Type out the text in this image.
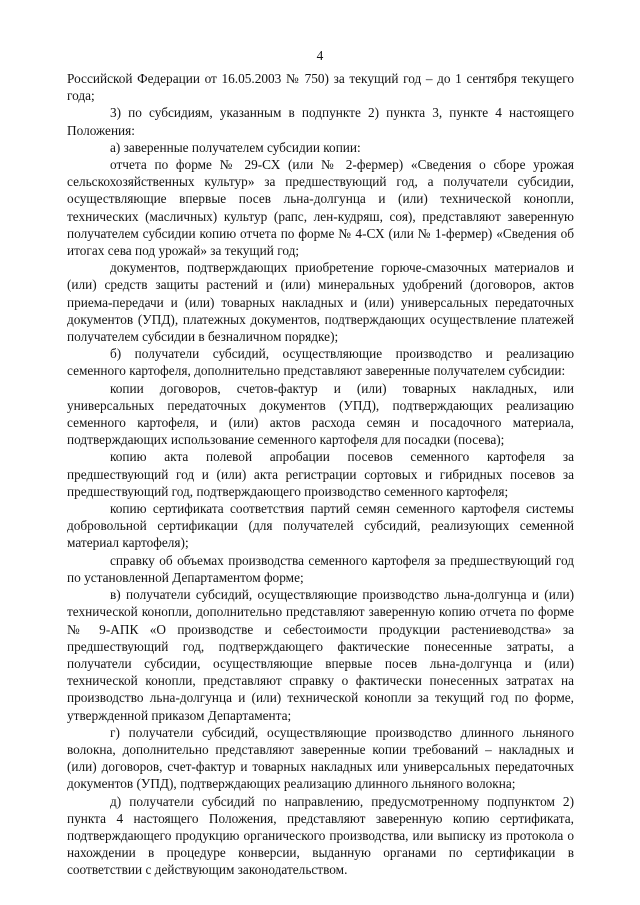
4

Российской Федерации от 16.05.2003 № 750) за текущий год – до 1 сентября текущего года;

3) по субсидиям, указанным в подпункте 2) пункта 3, пункте 4 настоящего Положения:

а) заверенные получателем субсидии копии:

отчета по форме № 29-СХ (или № 2-фермер) «Сведения о сборе урожая сельскохозяйственных культур» за предшествующий год, а получатели субсидии, осуществляющие впервые посев льна-долгунца и (или) технической конопли, технических (масличных) культур (рапс, лен-кудряш, соя), представляют заверенную получателем субсидии копию отчета по форме № 4-СХ (или № 1-фермер) «Сведения об итогах сева под урожай» за текущий год;

документов, подтверждающих приобретение горюче-смазочных материалов и (или) средств защиты растений и (или) минеральных удобрений (договоров, актов приема-передачи и (или) товарных накладных и (или) универсальных передаточных документов (УПД), платежных документов, подтверждающих осуществление платежей получателем субсидии в безналичном порядке);

б) получатели субсидий, осуществляющие производство и реализацию семенного картофеля, дополнительно представляют заверенные получателем субсидии:

копии договоров, счетов-фактур и (или) товарных накладных, или универсальных передаточных документов (УПД), подтверждающих реализацию семенного картофеля, и (или) актов расхода семян и посадочного материала, подтверждающих использование семенного картофеля для посадки (посева);

копию акта полевой апробации посевов семенного картофеля за предшествующий год и (или) акта регистрации сортовых и гибридных посевов за предшествующий год, подтверждающего производство семенного картофеля;

копию сертификата соответствия партий семян семенного картофеля системы добровольной сертификации (для получателей субсидий, реализующих семенной материал картофеля);

справку об объемах производства семенного картофеля за предшествующий год по установленной Департаментом форме;

в) получатели субсидий, осуществляющие производство льна-долгунца и (или) технической конопли, дополнительно представляют заверенную копию отчета по форме № 9-АПК «О производстве и себестоимости продукции растениеводства» за предшествующий год, подтверждающего фактические понесенные затраты, а получатели субсидии, осуществляющие впервые посев льна-долгунца и (или) технической конопли, представляют справку о фактически понесенных затратах на производство льна-долгунца и (или) технической конопли за текущий год по форме, утвержденной приказом Департамента;

г) получатели субсидий, осуществляющие производство длинного льняного волокна, дополнительно представляют заверенные копии требований – накладных и (или) договоров, счет-фактур и товарных накладных или универсальных передаточных документов (УПД), подтверждающих реализацию длинного льняного волокна;

д) получатели субсидий по направлению, предусмотренному подпунктом 2) пункта 4 настоящего Положения, представляют заверенную копию сертификата, подтверждающего продукцию органического производства, или выписку из протокола о нахождении в процедуре конверсии, выданную органами по сертификации в соответствии с действующим законодательством.
